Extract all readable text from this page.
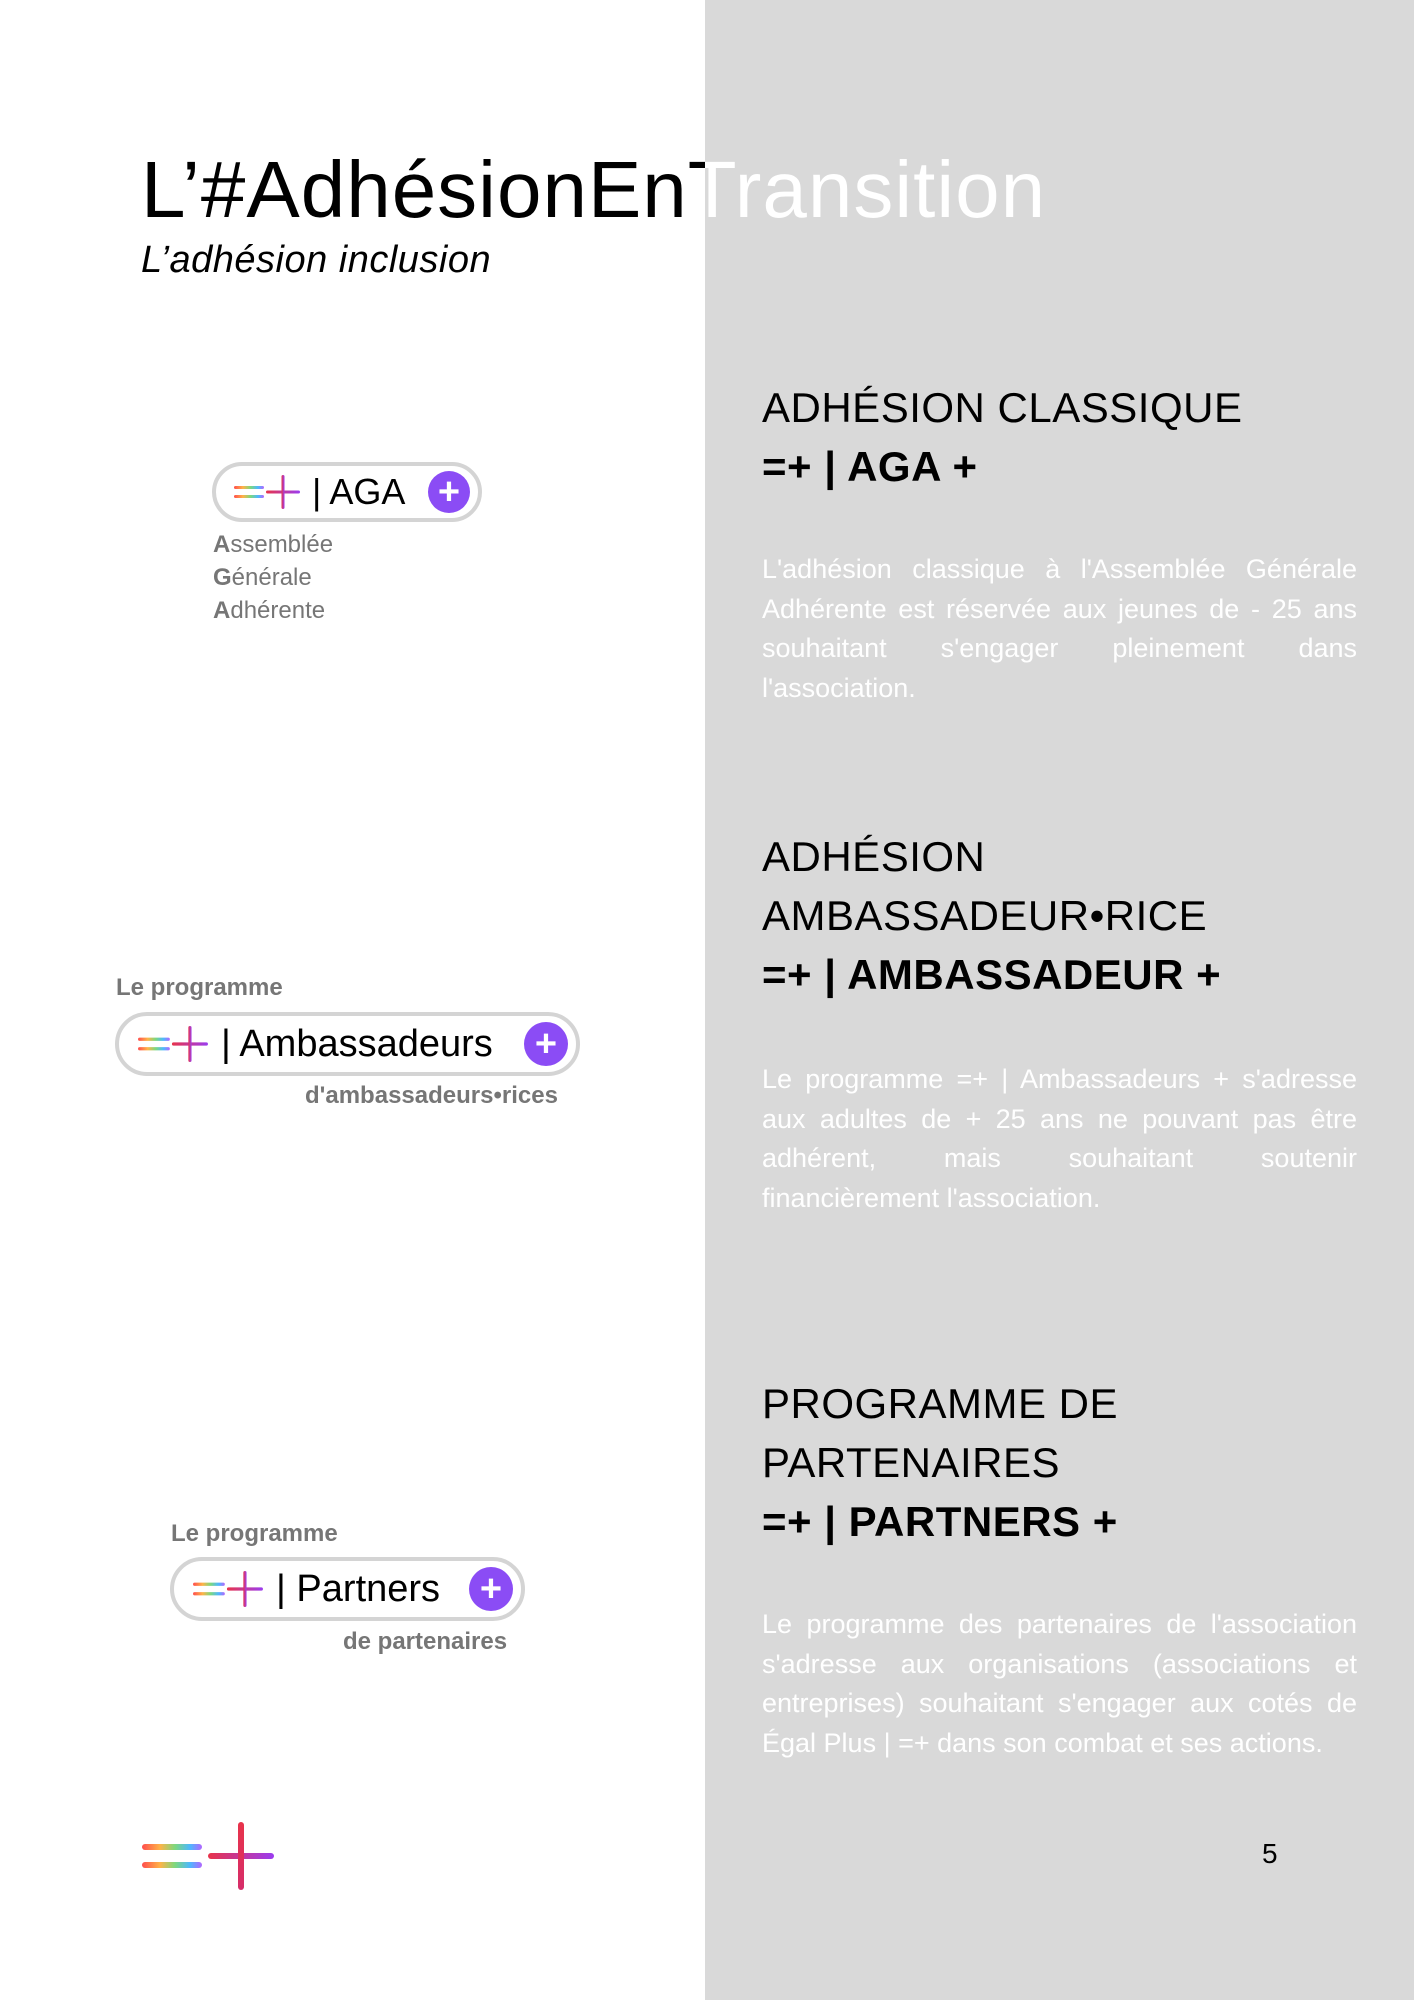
L’#AdhésionEnTransition

L’adhésion inclusion

ADHÉSION CLASSIQUE
=+ | AGA +

L'adhésion classique à l'Assemblée Générale Adhérente est réservée aux jeunes de - 25 ans souhaitant s'engager pleinement dans l'association.

ADHÉSION
AMBASSADEUR•RICE
=+ | AMBASSADEUR +

Le programme =+ | Ambassadeurs + s'adresse aux adultes de + 25 ans ne pouvant pas être adhérent, mais souhaitant soutenir financièrement l'association.

PROGRAMME DE
PARTENAIRES
=+ | PARTNERS +

Le programme des partenaires de l'association s'adresse aux organisations (associations et entreprises) souhaitant s'engager aux cotés de Égal Plus | =+ dans son combat et ses actions.

| AGA +
Assemblée
Générale
Adhérente

Le programme

| Ambassadeurs	+

d'ambassadeurs•rices

Le programme

| Partners	+

de partenaires

5
